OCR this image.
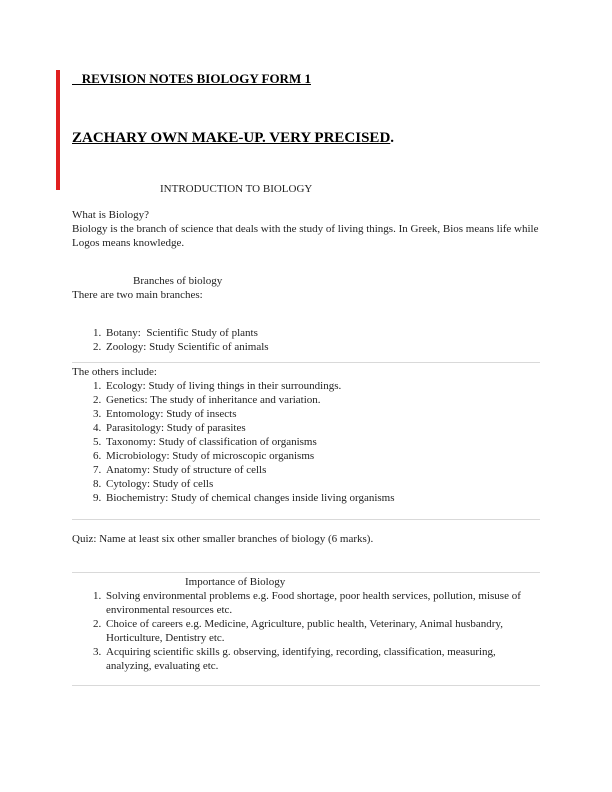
REVISION NOTES BIOLOGY FORM 1
ZACHARY OWN MAKE-UP. VERY PRECISED.

INTRODUCTION TO BIOLOGY

What is Biology?

Biology is the branch of science that deals with the study of living things. In Greek, Bios means life while Logos means knowledge.

Branches of biology

There are two main branches:

1. Botany:  Scientific Study of plants
2. Zoology: Study Scientific of animals

The others include:

1. Ecology: Study of living things in their surroundings.
2. Genetics: The study of inheritance and variation.
3. Entomology: Study of insects
4. Parasitology: Study of parasites
5. Taxonomy: Study of classification of organisms
6. Microbiology: Study of microscopic organisms
7. Anatomy: Study of structure of cells
8. Cytology: Study of cells
9. Biochemistry: Study of chemical changes inside living organisms

Quiz: Name at least six other smaller branches of biology (6 marks).

Importance of Biology

1. Solving environmental problems e.g. Food shortage, poor health services, pollution, misuse of environmental resources etc.
2. Choice of careers e.g. Medicine, Agriculture, public health, Veterinary, Animal husbandry, Horticulture, Dentistry etc.
3. Acquiring scientific skills g. observing, identifying, recording, classification, measuring, analyzing, evaluating etc.
